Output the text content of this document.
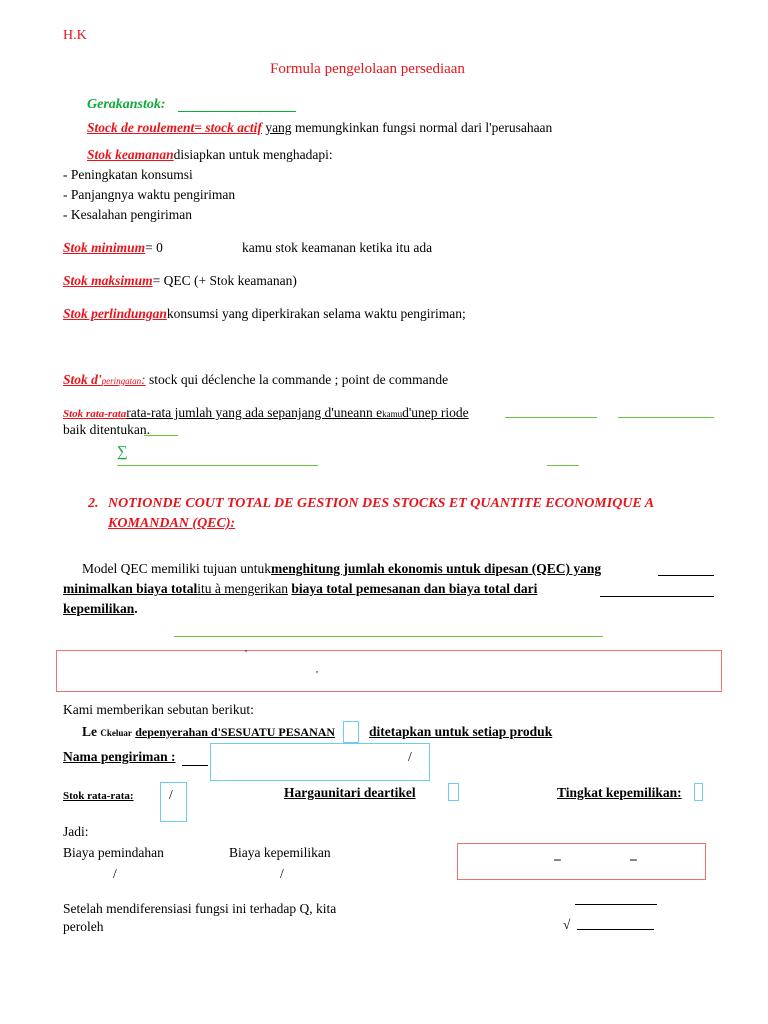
H.K
Formula pengelolaan persediaan
Gerakanstok:
Stock de roulement= stock actif yang memungkinkan fungsi normal dari l'perusahaan
Stok keamanandisiapkan untuk menghadapi:
- Peningkatan konsumsi
- Panjangnya waktu pengiriman
- Kesalahan pengiriman
Stok minimum= 0	kamu stok keamanan ketika itu ada
Stok maksimum= QEC (+ Stok keamanan)
Stok perlindungankonsumsi yang diperkirakan selama waktu pengiriman;
Stok d'peringatan: stock qui déclenche la commande ; point de commande
Stok rata-ratarata-rata jumlah yang ada sepanjang d'uneann ekamud'unep riode
baik ditentukan.
∑
2. NOTIONDE COUT TOTAL DE GESTION DES STOCKS ET QUANTITE ECONOMIQUE A
KOMANDAN (QEC):
Model QEC memiliki tujuan untukmenghitung jumlah ekonomis untuk dipesan (QEC) yang
minimalkan biaya totalitu à mengerikan biaya total pemesanan dan biaya total dari
kepemilikan.
'
'
Kami memberikan sebutan berikut:
Le Ckeluar depenyerahan d'SESUATU PESANAN	ditetapkan untuk setiap produk
Nama pengiriman :	/
Stok rata-rata:	/	Hargaunitari deartikel	Tingkat kepemilikan:
Jadi:
Biaya pemindahan	Biaya kepemilikan
/	/
–	–
Setelah mendiferensiasi fungsi ini terhadap Q, kita
peroleh	√
